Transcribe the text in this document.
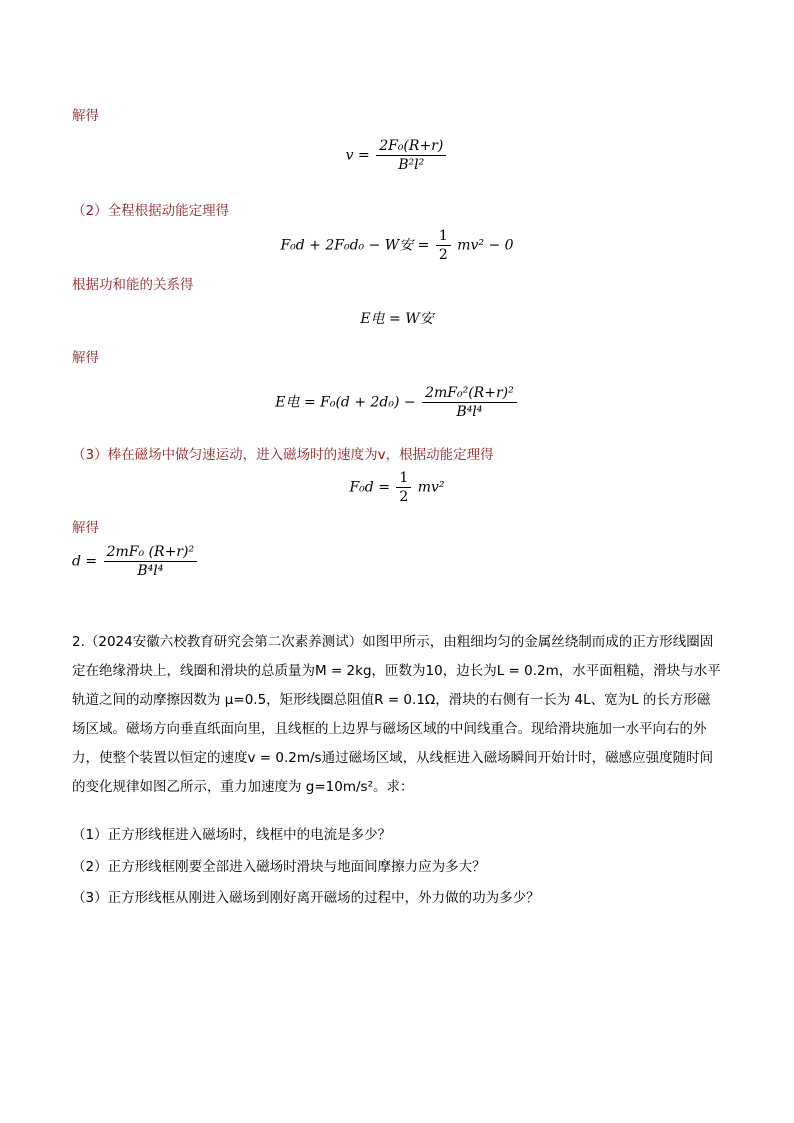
解得
$v = \frac{\text{2F₀(R+r)}}{\text{B²l²}}$
（2）全程根据动能定理得
F₀d + 2F₀d₀ − W安 = $\frac{1}{2} mv^2 - 0$
根据功和能的关系得
E电 = W安
解得
E电 = $F_0(d + 2d_0) - \frac{\text{2mF₀²(R+r)²}}{\text{B⁴l⁴}}$
（3）棒在磁场中做匀速运动，进入磁场时的速度为v，根据动能定理得
$F_0d = \frac{1}{2} mv^2$
解得
$d = \frac{\text{2mF₀ (R+r)²}}{\text{B⁴l⁴}}$
2.（2024安徽六校教育研究会第二次素养测试）如图甲所示，由粗细均匀的金属丝绕制而成的正方形线圈固定在绝缘滑块上，线圈和滑块的总质量为M = 2kg，匝数为10，边长为L = 0.2m，水平面粗糙，滑块与水平轨道之间的动摩擦因数为 μ=0.5，矩形线圈总阻值R = 0.1Ω，滑块的右侧有一长为 4L、宽为L 的长方形磁场区域。磁场方向垂直纸面向里，且线框的上边界与磁场区域的中间线重合。现给滑块施加一水平向右的外力，使整个装置以恒定的速度v = 0.2m/s通过磁场区域，从线框进入磁场瞬间开始计时，磁感应强度随时间的变化规律如图乙所示，重力加速度为 g=10m/s²。求：
（1）正方形线框进入磁场时，线框中的电流是多少？
（2）正方形线框刚要全部进入磁场时滑块与地面间摩擦力应为多大？
（3）正方形线框从刚进入磁场到刚好离开磁场的过程中，外力做的功为多少？
